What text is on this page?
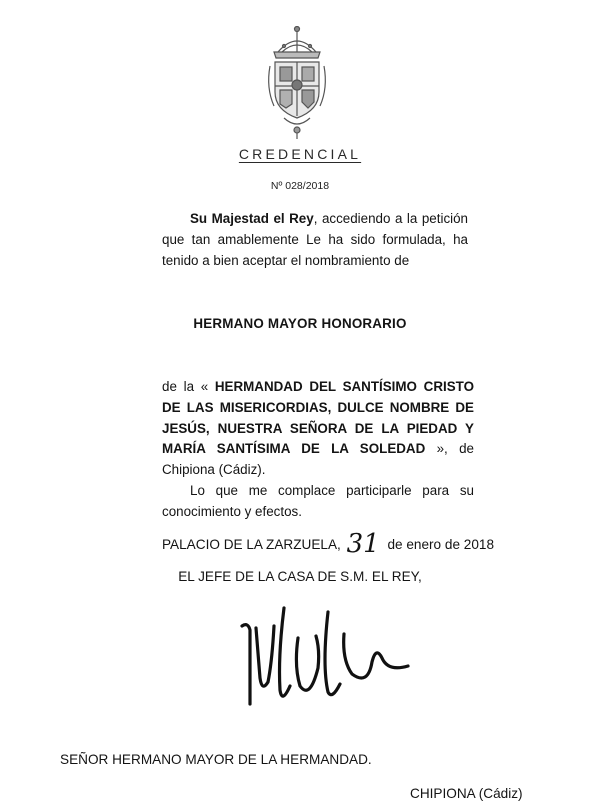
CREDENCIAL
Nº 028/2018
Su Majestad el Rey, accediendo a la petición que tan amablemente Le ha sido formulada, ha tenido a bien aceptar el nombramiento de
HERMANO MAYOR HONORARIO
de la « HERMANDAD DEL SANTÍSIMO CRISTO DE LAS MISERICORDIAS, DULCE NOMBRE DE JESÚS, NUESTRA SEÑORA DE LA PIEDAD Y MARÍA SANTÍSIMA DE LA SOLEDAD », de Chipiona (Cádiz).
Lo que me complace participarle para su conocimiento y efectos.
PALACIO DE LA ZARZUELA, 31 de enero de 2018
EL JEFE DE LA CASA DE S.M. EL REY,
SEÑOR HERMANO MAYOR DE LA HERMANDAD.
CHIPIONA (Cádiz)
